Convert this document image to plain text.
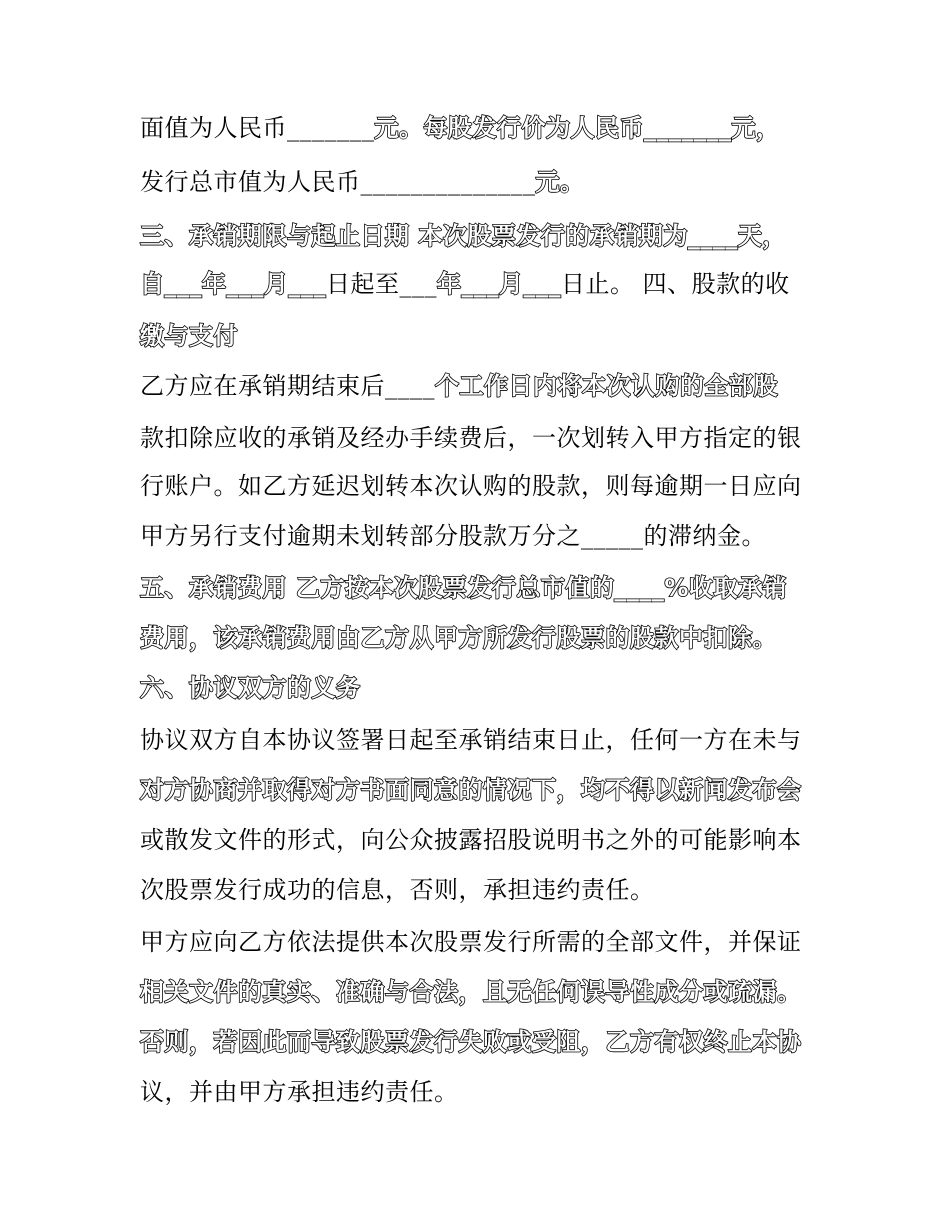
面值为人民币_______元。每股发行价为人民币_______元，
发行总市值为人民币______________元。
三、承销期限与起止日期 本次股票发行的承销期为____天，
自___年___月___日起至___年___月___日止。 四、股款的收
缴与支付
乙方应在承销期结束后____个工作日内将本次认购的全部股
款扣除应收的承销及经办手续费后，一次划转入甲方指定的银
行账户。如乙方延迟划转本次认购的股款，则每逾期一日应向
甲方另行支付逾期未划转部分股款万分之_____的滞纳金。
五、承销费用 乙方按本次股票发行总市值的____%收取承销
费用，该承销费用由乙方从甲方所发行股票的股款中扣除。
六、协议双方的义务
协议双方自本协议签署日起至承销结束日止，任何一方在未与
对方协商并取得对方书面同意的情况下，均不得以新闻发布会
或散发文件的形式，向公众披露招股说明书之外的可能影响本
次股票发行成功的信息，否则，承担违约责任。
甲方应向乙方依法提供本次股票发行所需的全部文件，并保证
相关文件的真实、准确与合法，且无任何误导性成分或疏漏。
否则，若因此而导致股票发行失败或受阻，乙方有权终止本协
议，并由甲方承担违约责任。
